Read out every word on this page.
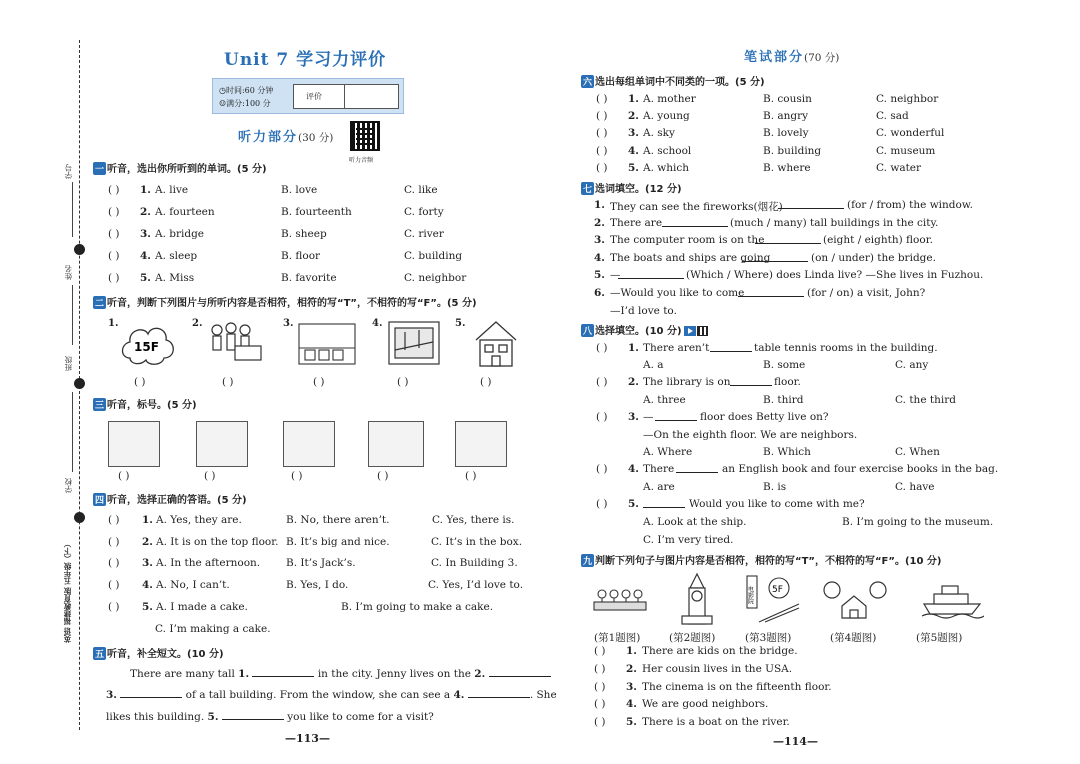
学号
姓名
班级
学校
英语 福建教育版 五年级（下）
Unit 7 学习力评价
◷时间:60 分钟
☺满分:100 分
评价
听力部分(30 分)
听力音频
一 听音，选出你所听到的单词。(5 分)
( ) 1. A. live	B. love	C. like
( ) 2. A. fourteen	B. fourteenth	C. forty
( ) 3. A. bridge	B. sheep	C. river
( ) 4. A. sleep	B. floor	C. building
( ) 5. A. Miss	B. favorite	C. neighbor
二 听音，判断下列图片与所听内容是否相符，相符的写“T”，不相符的写“F”。(5 分)
1.	2.	3.	4.	5.
15F
( )	( )	( )	( )	( )
三 听音，标号。(5 分)
( )	( )	( )	( )	( )
四 听音，选择正确的答语。(5 分)
( ) 1. A. Yes, they are.	B. No, there aren’t.	C. Yes, there is.
( ) 2. A. It is on the top floor. B. It’s big and nice.	C. It’s in the box.
( ) 3. A. In the afternoon. B. It’s Jack’s.	C. In Building 3.
( ) 4. A. No, I can’t.	B. Yes, I do.	C. Yes, I’d love to.
( ) 5. A. I made a cake.	B. I’m going to make a cake.
C. I’m making a cake.
五 听音，补全短文。(10 分)
There are many tall 1.	in the city. Jenny lives on the 2.
3.	of a tall building. From the window, she can see a 4.	. She
likes this building. 5.	you like to come for a visit?
—113—
笔试部分(70 分)
六 选出每组单词中不同类的一项。(5 分)
( ) 1. A. mother	B. cousin	C. neighbor
( ) 2. A. young	B. angry	C. sad
( ) 3. A. sky	B. lovely	C. wonderful
( ) 4. A. school	B. building	C. museum
( ) 5. A. which	B. where	C. water
七 选词填空。(12 分)
1. They can see the fireworks(烟花)	(for / from) the window.
2. There are	(much / many) tall buildings in the city.
3. The computer room is on the	(eight / eighth) floor.
4. The boats and ships are going	(on / under) the bridge.
5. —	(Which / Where) does Linda live? —She lives in Fuzhou.
6. —Would you like to come	(for / on) a visit, John?
—I’d love to.
八 选择填空。(10 分)
( ) 1. There aren’t	table tennis rooms in the building.
A. a	B. some	C. any
( ) 2. The library is on	floor.
A. three	B. third	C. the third
( ) 3. —	floor does Betty live on?
—On the eighth floor. We are neighbors.
A. Where	B. Which	C. When
( ) 4. There	an English book and four exercise books in the bag.
A. are	B. is	C. have
( ) 5.	Would you like to come with me?
A. Look at the ship.	B. I’m going to the museum.
C. I’m very tired.
九 判断下列句子与图片内容是否相符，相符的写“T”，不相符的写“F”。(10 分)
电影院 5F
(第1题图)	(第2题图)	(第3题图)	(第4题图)	(第5题图)
( ) 1. There are kids on the bridge.
( ) 2. Her cousin lives in the USA.
( ) 3. The cinema is on the fifteenth floor.
( ) 4. We are good neighbors.
( ) 5. There is a boat on the river.
—114—
